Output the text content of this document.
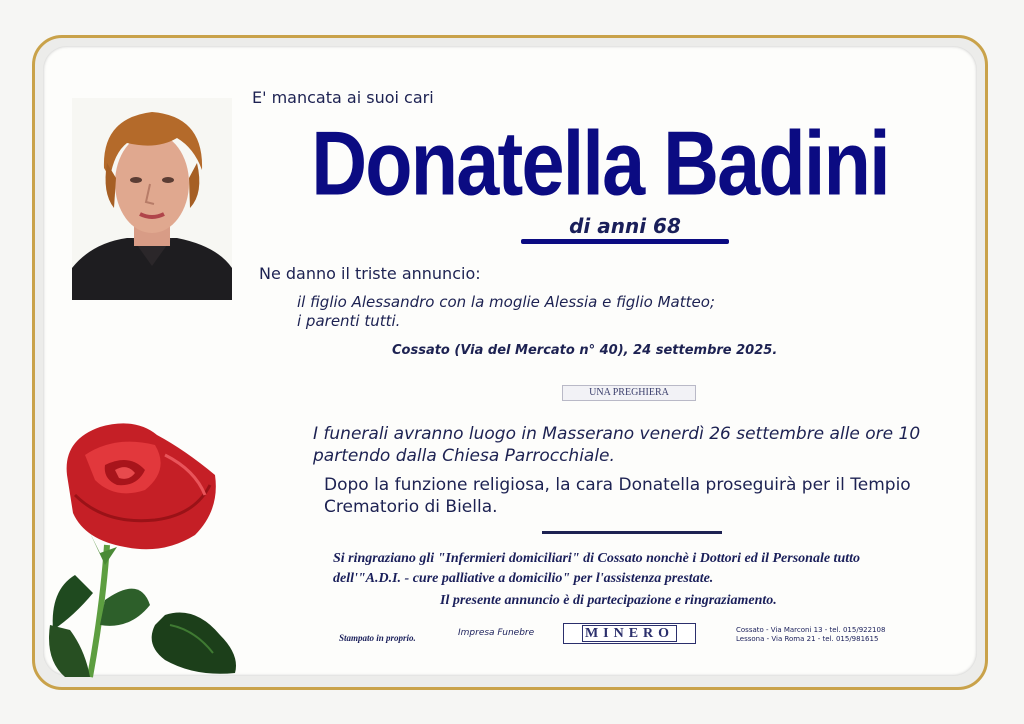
E' mancata ai suoi cari
Donatella Badini
di anni 68
Ne danno il triste annuncio:
il figlio Alessandro con la moglie Alessia e figlio Matteo;
i parenti tutti.
Cossato (Via del Mercato n° 40), 24 settembre 2025.
UNA PREGHIERA
I funerali avranno luogo in Masserano venerdì 26 settembre alle ore 10
partendo dalla Chiesa Parrocchiale.
Dopo la funzione religiosa, la cara Donatella proseguirà per il Tempio
Crematorio di Biella.
Si ringraziano gli "Infermieri domiciliari" di Cossato nonchè i Dottori ed il Personale tutto
dell'"A.D.I. - cure palliative a domicilio" per l'assistenza prestate.
Il presente annuncio è di partecipazione e ringraziamento.
Stampato in proprio.	Impresa Funebre	MINERO	Cossato - Via Marconi 13 - tel. 015/922108
Lessona - Via Roma 21 - tel. 015/981615
